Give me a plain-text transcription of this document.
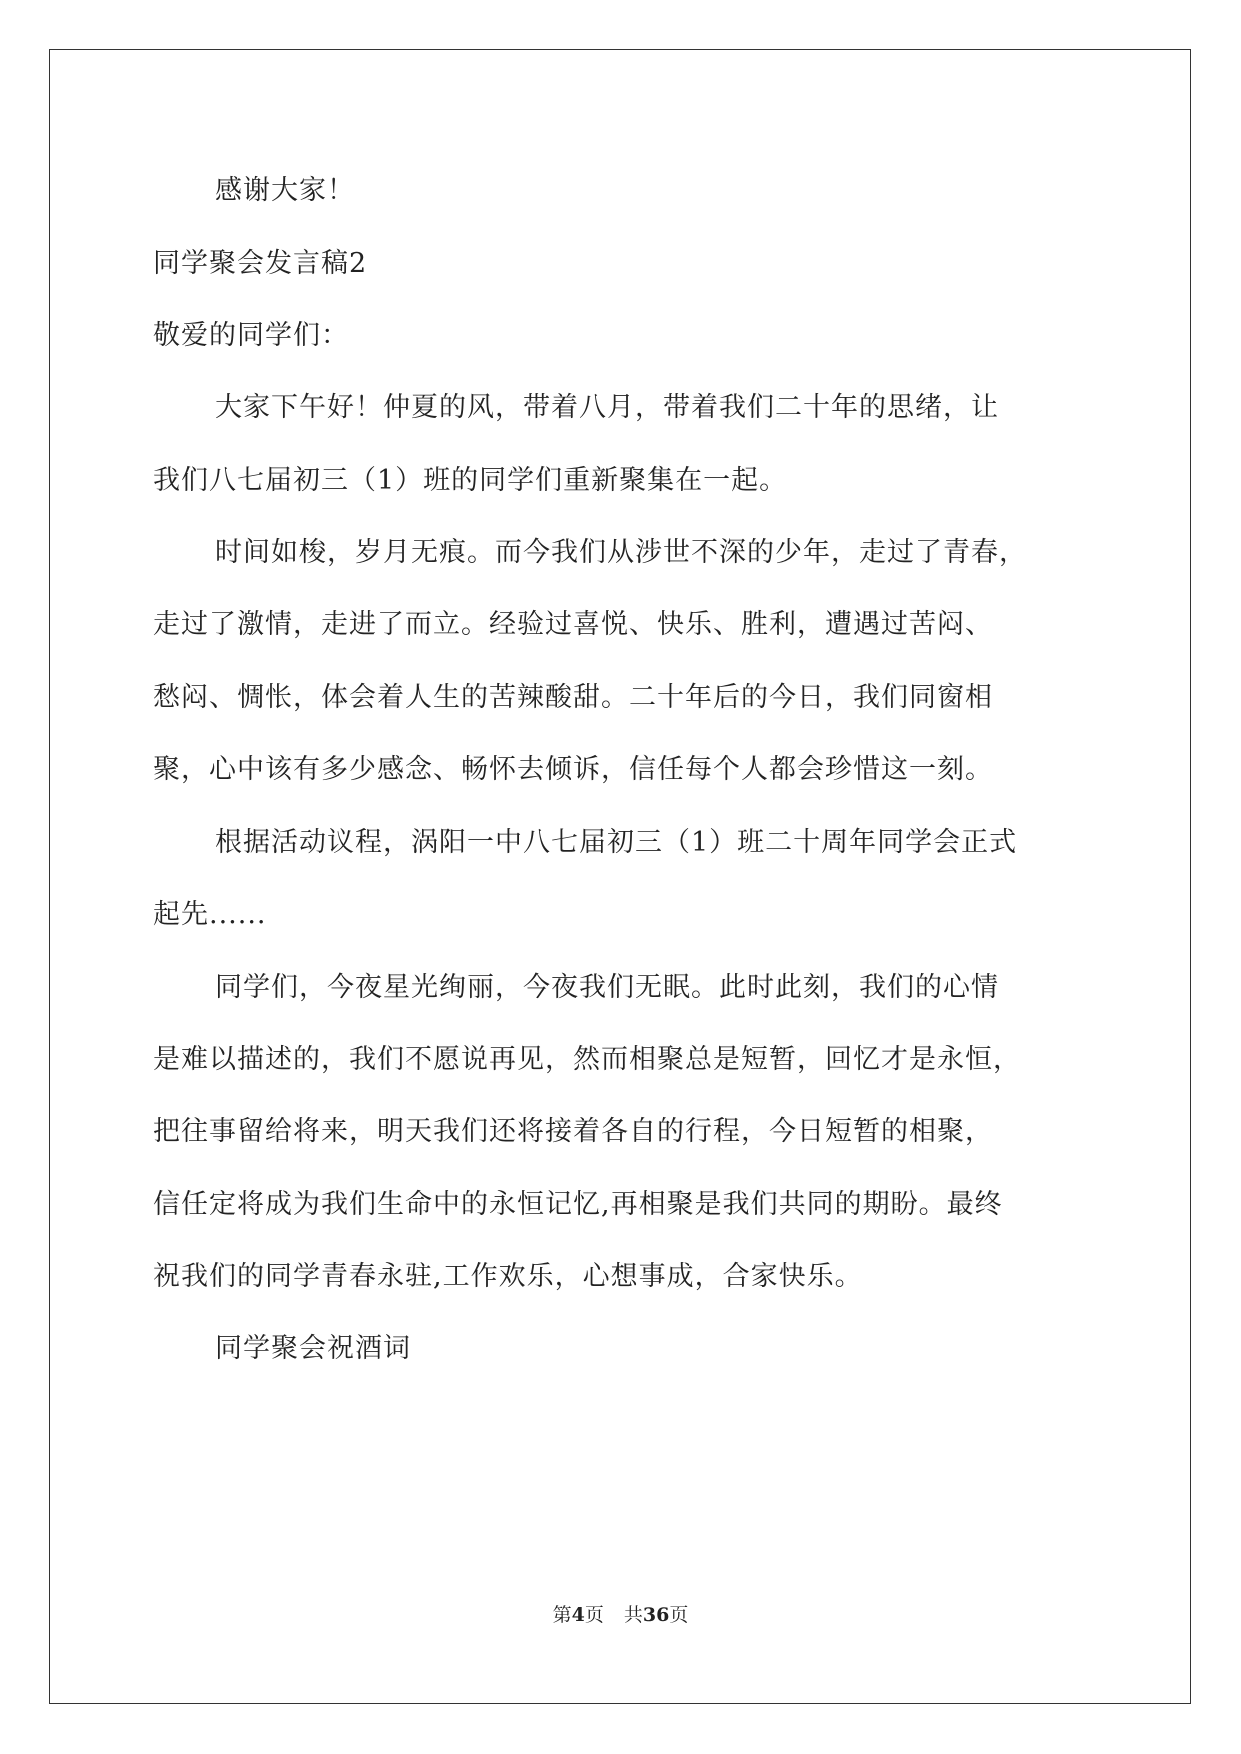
感谢大家！
同学聚会发言稿2
敬爱的同学们：
大家下午好！仲夏的风，带着八月，带着我们二十年的思绪，让
我们八七届初三（1）班的同学们重新聚集在一起。
时间如梭，岁月无痕。而今我们从涉世不深的少年，走过了青春，
走过了激情，走进了而立。经验过喜悦、快乐、胜利，遭遇过苦闷、
愁闷、惆怅，体会着人生的苦辣酸甜。二十年后的今日，我们同窗相
聚，心中该有多少感念、畅怀去倾诉，信任每个人都会珍惜这一刻。
根据活动议程，涡阳一中八七届初三（1）班二十周年同学会正式
起先......
同学们，今夜星光绚丽，今夜我们无眠。此时此刻，我们的心情
是难以描述的，我们不愿说再见，然而相聚总是短暂，回忆才是永恒，
把往事留给将来，明天我们还将接着各自的行程，今日短暂的相聚，
信任定将成为我们生命中的永恒记忆,再相聚是我们共同的期盼。最终
祝我们的同学青春永驻,工作欢乐，心想事成，合家快乐。
同学聚会祝酒词
第4页 共36页
